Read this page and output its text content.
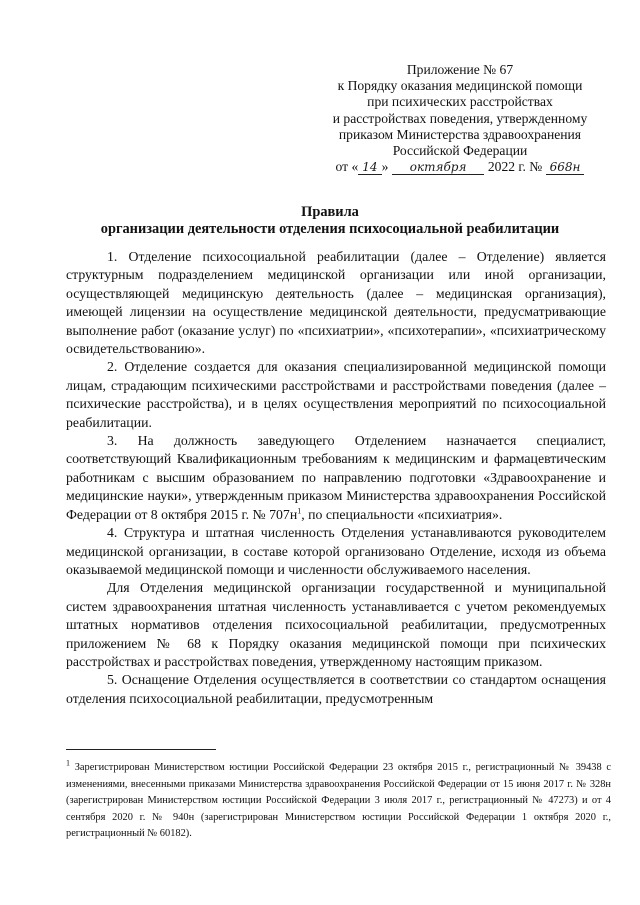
Приложение № 67
к Порядку оказания медицинской помощи
при психических расстройствах
и расстройствах поведения, утвержденному
приказом Министерства здравоохранения
Российской Федерации
от « 14 » октября 2022 г. № 668н
Правила
организации деятельности отделения психосоциальной реабилитации

1. Отделение психосоциальной реабилитации (далее – Отделение) является структурным подразделением медицинской организации или иной организации, осуществляющей медицинскую деятельность (далее – медицинская организация), имеющей лицензии на осуществление медицинской деятельности, предусматривающие выполнение работ (оказание услуг) по «психиатрии», «психотерапии», «психиатрическому освидетельствованию».

2. Отделение создается для оказания специализированной медицинской помощи лицам, страдающим психическими расстройствами и расстройствами поведения (далее – психические расстройства), и в целях осуществления мероприятий по психосоциальной реабилитации.

3. На должность заведующего Отделением назначается специалист, соответствующий Квалификационным требованиям к медицинским и фармацевтическим работникам с высшим образованием по направлению подготовки «Здравоохранение и медицинские науки», утвержденным приказом Министерства здравоохранения Российской Федерации от 8 октября 2015 г. № $707н^1$, по специальности «психиатрия».

4. Структура и штатная численность Отделения устанавливаются руководителем медицинской организации, в составе которой организовано Отделение, исходя из объема оказываемой медицинской помощи и численности обслуживаемого населения.

Для Отделения медицинской организации государственной и муниципальной систем здравоохранения штатная численность устанавливается с учетом рекомендуемых штатных нормативов отделения психосоциальной реабилитации, предусмотренных приложением № 68 к Порядку оказания медицинской помощи при психических расстройствах и расстройствах поведения, утвержденному настоящим приказом.

5. Оснащение Отделения осуществляется в соответствии со стандартом оснащения отделения психосоциальной реабилитации, предусмотренным

$^1$ Зарегистрирован Министерством юстиции Российской Федерации 23 октября 2015 г., регистрационный № 39438 с изменениями, внесенными приказами Министерства здравоохранения Российской Федерации от 15 июня 2017 г. № 328н (зарегистрирован Министерством юстиции Российской Федерации 3 июля 2017 г., регистрационный № 47273) и от 4 сентября 2020 г. № 940н (зарегистрирован Министерством юстиции Российской Федерации 1 октября 2020 г., регистрационный № 60182).
